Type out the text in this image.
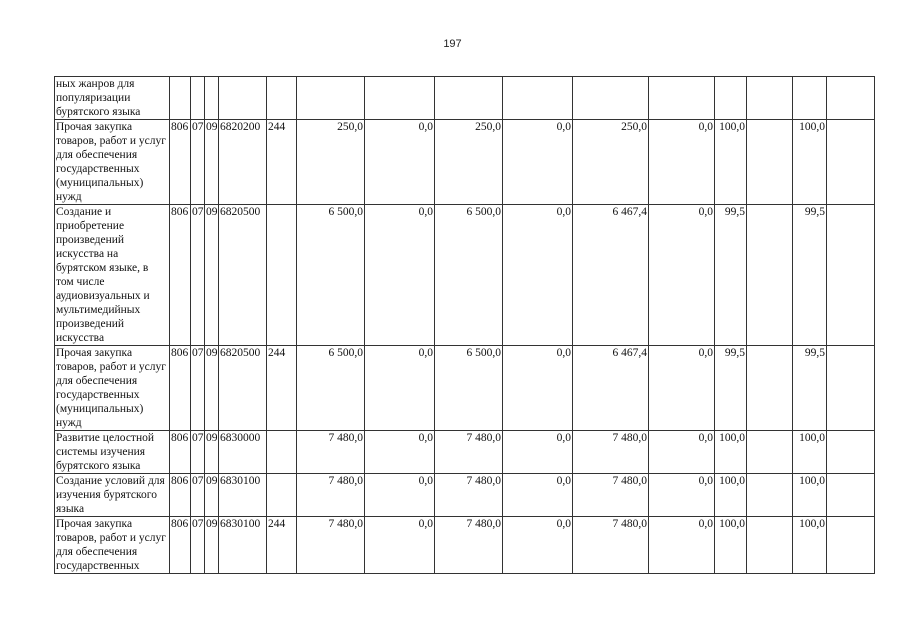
197
ных жанров для популяризации бурятского языка															
Прочая закупка товаров, работ и услуг для обеспечения государственных (муниципальных) нужд	806	07	09	6820200	244	250,0	0,0	250,0	0,0	250,0	0,0	100,0		100,0	
Создание и приобретение произведений искусства на бурятском языке, в том числе аудиовизуальных и мультимедийных произведений искусства	806	07	09	6820500		6 500,0	0,0	6 500,0	0,0	6 467,4	0,0	99,5		99,5	
Прочая закупка товаров, работ и услуг для обеспечения государственных (муниципальных) нужд	806	07	09	6820500	244	6 500,0	0,0	6 500,0	0,0	6 467,4	0,0	99,5		99,5	
Развитие целостной системы изучения бурятского языка	806	07	09	6830000		7 480,0	0,0	7 480,0	0,0	7 480,0	0,0	100,0		100,0	
Создание условий для изучения бурятского языка	806	07	09	6830100		7 480,0	0,0	7 480,0	0,0	7 480,0	0,0	100,0		100,0	
Прочая закупка товаров, работ и услуг для обеспечения государственных	806	07	09	6830100	244	7 480,0	0,0	7 480,0	0,0	7 480,0	0,0	100,0		100,0	
